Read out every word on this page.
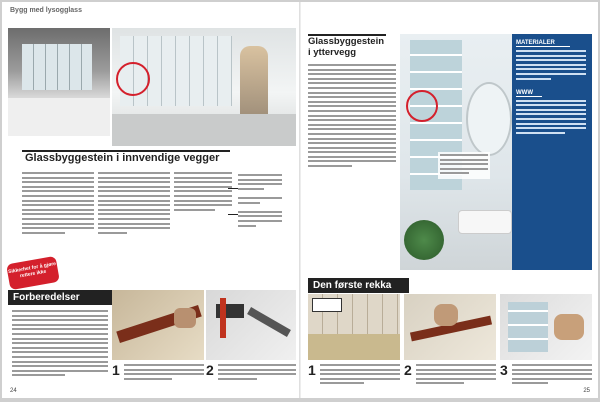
Bygg med lysogglass
Glassbyggestein i innvendige vegger
Sikkerhet for å gjøre rettere ikke
Forberedelser
1	2
24
Glassbyggestein
i yttervegg
MATERIALER
WWW
Den første rekka
1	2	3
25
